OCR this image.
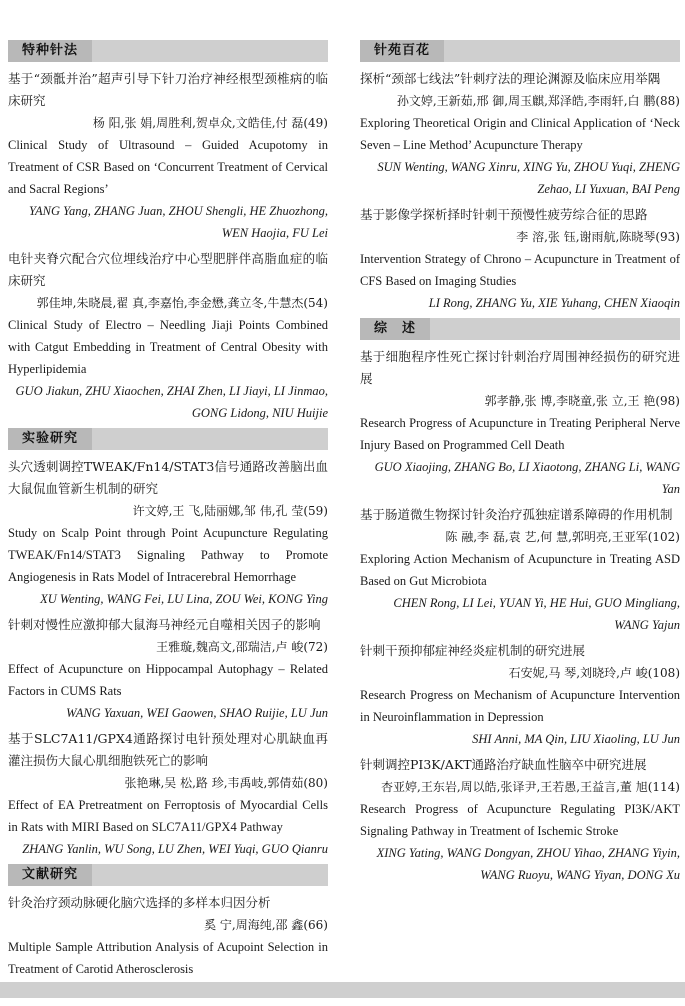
特种针法
基于“颈骶并治”超声引导下针刀治疗神经根型颈椎病的临床研究
杨 阳,张 娟,周胜利,贺卓众,文皓佳,付 磊(49)
Clinical Study of Ultrasound – Guided Acupotomy in Treatment of CSR Based on ‘Concurrent Treatment of Cervical and Sacral Regions’
YANG Yang, ZHANG Juan, ZHOU Shengli, HE Zhuozhong, WEN Haojia, FU Lei
电针夹脊穴配合穴位埋线治疗中心型肥胖伴高脂血症的临床研究
郭佳坤,朱晓晨,翟 真,李嘉怡,李金懋,龚立冬,牛慧杰(54)
Clinical Study of Electro – Needling Jiaji Points Combined with Catgut Embedding in Treatment of Central Obesity with Hyperlipidemia
GUO Jiakun, ZHU Xiaochen, ZHAI Zhen, LI Jiayi, LI Jinmao, GONG Lidong, NIU Huijie
实验研究
头穴透刺调控TWEAK/Fn14/STAT3信号通路改善脑出血大鼠侃血管新生机制的研究
许文婷,王 飞,陆丽娜,邹 伟,孔 莹(59)
Study on Scalp Point through Point Acupuncture Regulating TWEAK/Fn14/STAT3 Signaling Pathway to Promote Angiogenesis in Rats Model of Intracerebral Hemorrhage
XU Wenting, WANG Fei, LU Lina, ZOU Wei, KONG Ying
针刺对慢性应激抑郁大鼠海马神经元自噬相关因子的影响
王雅璇,魏高文,邵瑞洁,卢 峻(72)
Effect of Acupuncture on Hippocampal Autophagy – Related Factors in CUMS Rats
WANG Yaxuan, WEI Gaowen, SHAO Ruijie, LU Jun
基于SLC7A11/GPX4通路探讨电针预处理对心肌缺血再灌注损伤大鼠心肌细胞铁死亡的影响
张艳琳,吴 松,路 珍,韦禹岐,郭倩茹(80)
Effect of EA Pretreatment on Ferroptosis of Myocardial Cells in Rats with MIRI Based on SLC7A11/GPX4 Pathway
ZHANG Yanlin, WU Song, LU Zhen, WEI Yuqi, GUO Qianru
文献研究
针灸治疗颈动脉硬化脑穴选择的多样本归因分析
奚 宁,周海纯,邵 鑫(66)
Multiple Sample Attribution Analysis of Acupoint Selection in Treatment of Carotid Atherosclerosis
针苑百花
探析“颈部七线法”针刺疗法的理论渊源及临床应用举隅
孙文婷,王新茹,邢 御,周玉麒,郑泽皓,李雨轩,白 鹏(88)
Exploring Theoretical Origin and Clinical Application of ‘Neck Seven – Line Method’ Acupuncture Therapy
SUN Wenting, WANG Xinru, XING Yu, ZHOU Yuqi, ZHENG Zehao, LI Yuxuan, BAI Peng
基于影像学探析择时针刺干预慢性疲劳综合征的思路
李 溶,张 钰,谢雨航,陈晓琴(93)
Intervention Strategy of Chrono – Acupuncture in Treatment of CFS Based on Imaging Studies
LI Rong, ZHANG Yu, XIE Yuhang, CHEN Xiaoqin
综　述
基于细胞程序性死亡探讨针刺治疗周围神经损伤的研究进展
郭孝静,张 博,李晓童,张 立,王 艳(98)
Research Progress of Acupuncture in Treating Peripheral Nerve Injury Based on Programmed Cell Death
GUO Xiaojing, ZHANG Bo, LI Xiaotong, ZHANG Li, WANG Yan
基于肠道微生物探讨针灸治疗孤独症谱系障碍的作用机制
陈 融,李 磊,袁 艺,何 慧,郭明亮,王亚军(102)
Exploring Action Mechanism of Acupuncture in Treating ASD Based on Gut Microbiota
CHEN Rong, LI Lei, YUAN Yi, HE Hui, GUO Mingliang, WANG Yajun
针刺干预抑郁症神经炎症机制的研究进展
石安妮,马 琴,刘晓玲,卢 峻(108)
Research Progress on Mechanism of Acupuncture Intervention in Neuroinflammation in Depression
SHI Anni, MA Qin, LIU Xiaoling, LU Jun
针刺调控PI3K/AKT通路治疗缺血性脑卒中研究进展
杏亚婷,王东岩,周以皓,张译尹,王若愚,王益言,董 旭(114)
Research Progress of Acupuncture Regulating PI3K/AKT Signaling Pathway in Treatment of Ischemic Stroke
XING Yating, WANG Dongyan, ZHOU Yihao, ZHANG Yiyin, WANG Ruoyu, WANG Yiyan, DONG Xu
